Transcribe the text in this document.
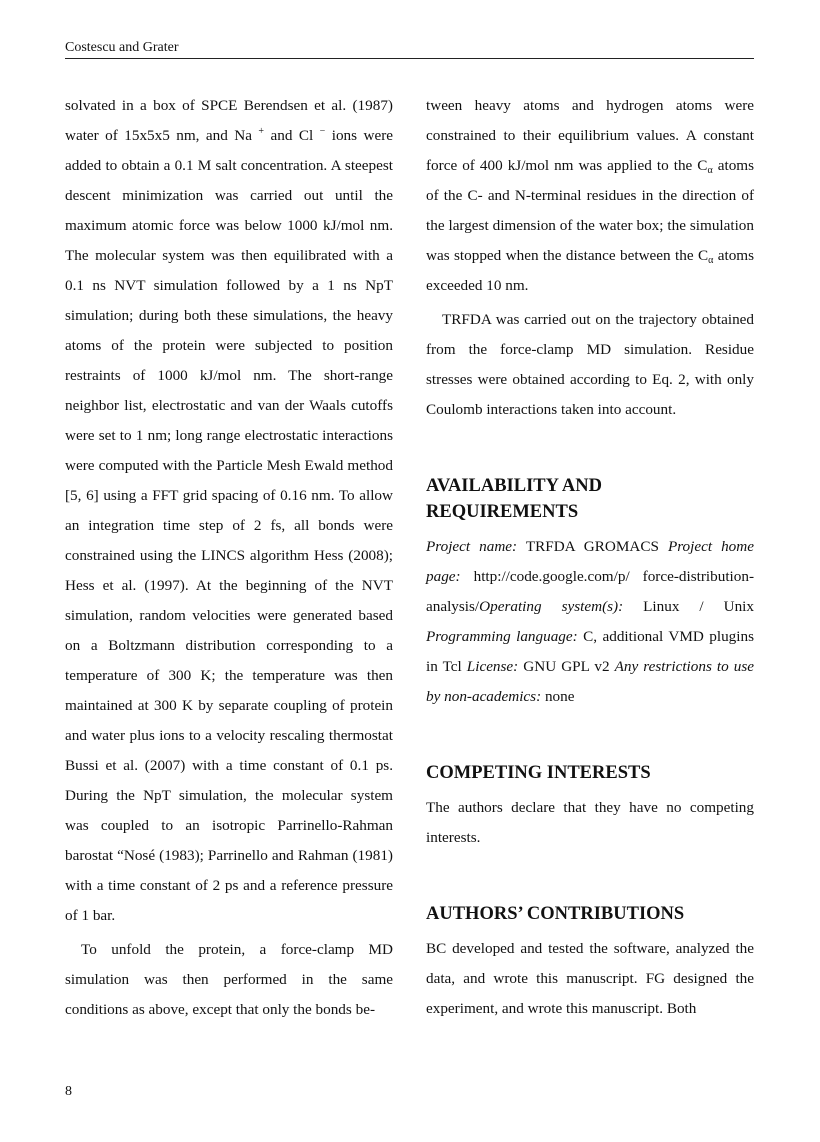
Costescu and Grater

solvated in a box of SPCE Berendsen et al. (1987) water of 15x5x5 nm, and Na + and Cl − ions were added to obtain a 0.1 M salt concentration. A steepest descent minimization was carried out until the maximum atomic force was below 1000 kJ/mol nm. The molecular system was then equilibrated with a 0.1 ns NVT simulation followed by a 1 ns NpT simulation; during both these simulations, the heavy atoms of the protein were subjected to position restraints of 1000 kJ/mol nm. The short-range neighbor list, electrostatic and van der Waals cutoffs were set to 1 nm; long range electrostatic interactions were computed with the Particle Mesh Ewald method [5, 6] using a FFT grid spacing of 0.16 nm. To allow an integration time step of 2 fs, all bonds were constrained using the LINCS algorithm Hess (2008); Hess et al. (1997). At the beginning of the NVT simulation, random velocities were generated based on a Boltzmann distribution corresponding to a temperature of 300 K; the temperature was then maintained at 300 K by separate coupling of protein and water plus ions to a velocity rescaling thermostat Bussi et al. (2007) with a time constant of 0.1 ps. During the NpT simulation, the molecular system was coupled to an isotropic Parrinello-Rahman barostat “Nosé (1983); Parrinello and Rahman (1981) with a time constant of 2 ps and a reference pressure of 1 bar.

To unfold the protein, a force-clamp MD simulation was then performed in the same conditions as above, except that only the bonds be-

tween heavy atoms and hydrogen atoms were constrained to their equilibrium values. A constant force of 400 kJ/mol nm was applied to the $C_\alpha$ atoms of the C- and N-terminal residues in the direction of the largest dimension of the water box; the simulation was stopped when the distance between the $C_\alpha$ atoms exceeded 10 nm.

TRFDA was carried out on the trajectory obtained from the force-clamp MD simulation. Residue stresses were obtained according to Eq. 2, with only Coulomb interactions taken into account.

AVAILABILITY AND REQUIREMENTS

Project name: TRFDA GROMACS Project home page: http://code.google.com/p/ force-distribution-analysis/Operating system(s): Linux / Unix Programming language: C, additional VMD plugins in Tcl License: GNU GPL v2 Any restrictions to use by non-academics: none

COMPETING INTERESTS

The authors declare that they have no competing interests.

AUTHORS’ CONTRIBUTIONS

BC developed and tested the software, analyzed the data, and wrote this manuscript. FG designed the experiment, and wrote this manuscript. Both

8
